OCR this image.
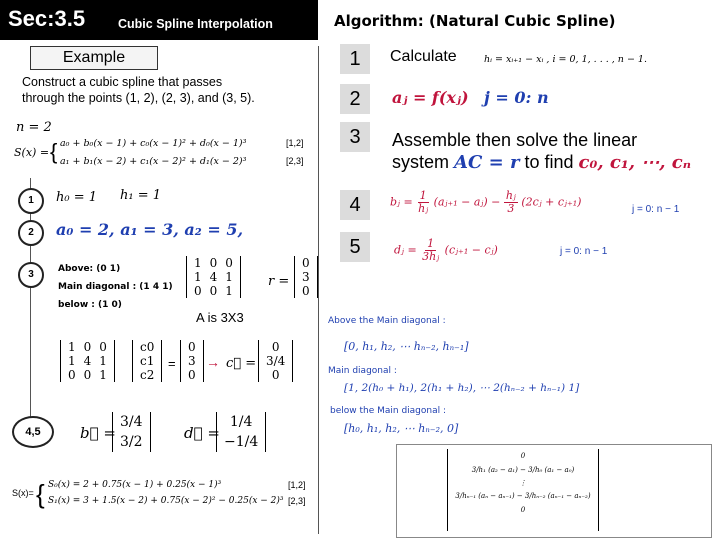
Sec:3.5	Cubic Spline Interpolation	Algorithm: (Natural Cubic Spline)
Example
Construct a cubic spline that passes
through the points (1, 2), (2, 3), and (3, 5).
n = 2
S(x) = { a₀ + b₀(x − 1) + c₀(x − 1)² + d₀(x − 1)³	[1,2]
a₁ + b₁(x − 2) + c₁(x − 2)² + d₁(x − 2)³	[2,3]
1	h₀ = 1 h₁ = 1
2	a₀ = 2, a₁ = 3, a₂ = 5,
3	Above: (0 1)
Main diagonal : (1 4 1)
below : (1 0)
1	0	0
1	4	1
0	0	1
r =
0
3
0
A is 3X3
1	0	0
1	4	1
0	0	1
c0
c1
c2
=
0
3
0
→ c⃗ =
0
3/4
0
4,5	b⃗ =
3/4
3/2	d⃗ =
1/4
−1/4
S(x)= { S₀(x) = 2 + 0.75(x − 1) + 0.25(x − 1)³	[1,2]
S₁(x) = 3 + 1.5(x − 2) + 0.75(x − 2)² − 0.25(x − 2)³ [2,3]
1	Calculate	hᵢ = xᵢ₊₁ − xᵢ , i = 0, 1, . . . , n − 1.
2	aⱼ = f(xⱼ) j = 0: n
3	Assemble then solve the linear
system AC = r to find c₀, c₁, ⋯, cₙ
4	bⱼ = $\frac{1}{\text{hⱼ}}$ (aⱼ₊₁ − aⱼ) − $\frac{\text{hⱼ}}{3}$ (2cⱼ + cⱼ₊₁)
j = 0: n − 1
5	dⱼ = $\frac{1}{\text{3hⱼ}}$ (cⱼ₊₁ − cⱼ)	j = 0: n − 1
Above the Main diagonal :
[0, h₁, h₂, ⋯ hₙ₋₂, hₙ₋₁]
Main diagonal :
[1, 2(h₀ + h₁), 2(h₁ + h₂), ⋯ 2(hₙ₋₂ + hₙ₋₁) 1]
below the Main diagonal :
[h₀, h₁, h₂, ⋯ hₙ₋₂, 0]
0
3/h₁ (a₂ − a₁) − 3/h₀ (a₁ − a₀)
⋮
3/hₙ₋₁ (aₙ − aₙ₋₁) − 3/hₙ₋₂ (aₙ₋₁ − aₙ₋₂)
0
